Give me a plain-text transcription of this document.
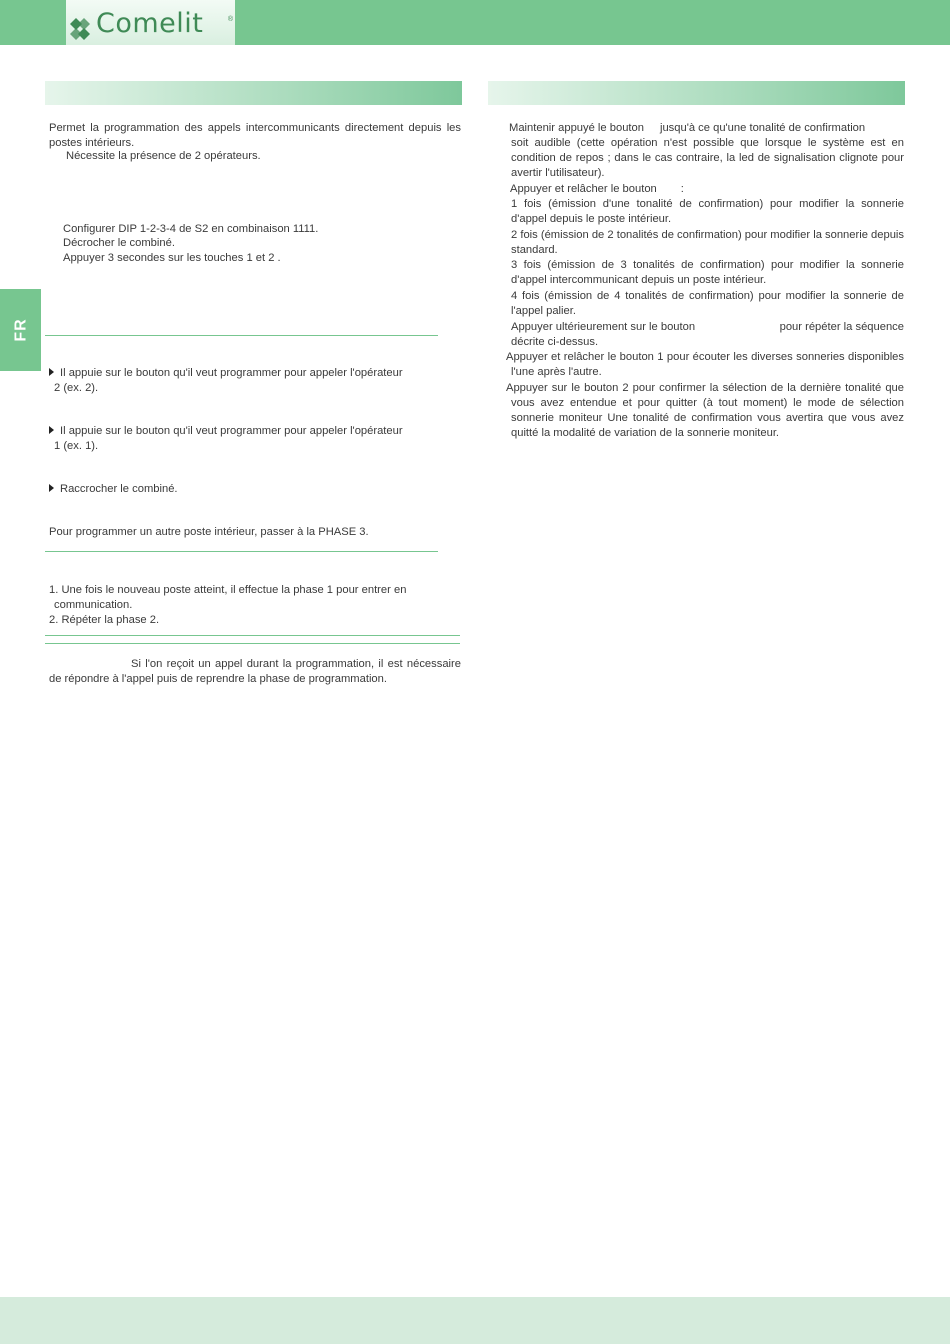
Comelit	®
FR

Permet la programmation des appels intercommunicants directement depuis les postes intérieurs.

Nécessite la présence de 2 opérateurs.

Configurer DIP 1-2-3-4 de S2 en combinaison 1111.

Décrocher le combiné.

Appuyer 3 secondes sur les touches 1 et 2 .

Il appuie sur le bouton qu'il veut programmer pour appeler l'opérateur
2 (ex. 2).
Il appuie sur le bouton qu'il veut programmer pour appeler l'opérateur
1 (ex. 1).
Raccrocher le combiné.

Pour programmer un autre poste intérieur, passer à la PHASE 3.

1. Une fois le nouveau poste atteint, il effectue la phase 1 pour entrer en
communication.

2. Répéter la phase 2.

Si l'on reçoit un appel durant la programmation, il est nécessaire de répondre à l'appel puis de reprendre la phase de programmation.

Maintenir appuyé le bouton jusqu'à ce qu'une tonalité de confirmation
soit audible (cette opération n'est possible que lorsque le système est en condition de repos ; dans le cas contraire, la led de signalisation clignote pour avertir l'utilisateur).
Appuyer et relâcher le bouton :
1 fois (émission d'une tonalité de confirmation) pour modifier la sonnerie d'appel depuis le poste intérieur.
2 fois (émission de 2 tonalités de confirmation) pour modifier la sonnerie depuis standard.
3 fois (émission de 3 tonalités de confirmation) pour modifier la sonnerie d'appel intercommunicant depuis un poste intérieur.
4 fois (émission de 4 tonalités de confirmation) pour modifier la sonnerie de l'appel palier.
Appuyer ultérieurement sur le bouton	pour répéter la séquence
décrite ci-dessus.
Appuyer et relâcher le bouton 1 pour écouter les diverses sonneries disponibles l'une après l'autre.
Appuyer sur le bouton 2 pour confirmer la sélection de la dernière tonalité que vous avez entendue et pour quitter (à tout moment) le mode de sélection sonnerie moniteur Une tonalité de confirmation vous avertira que vous avez quitté la modalité de variation de la sonnerie moniteur.
